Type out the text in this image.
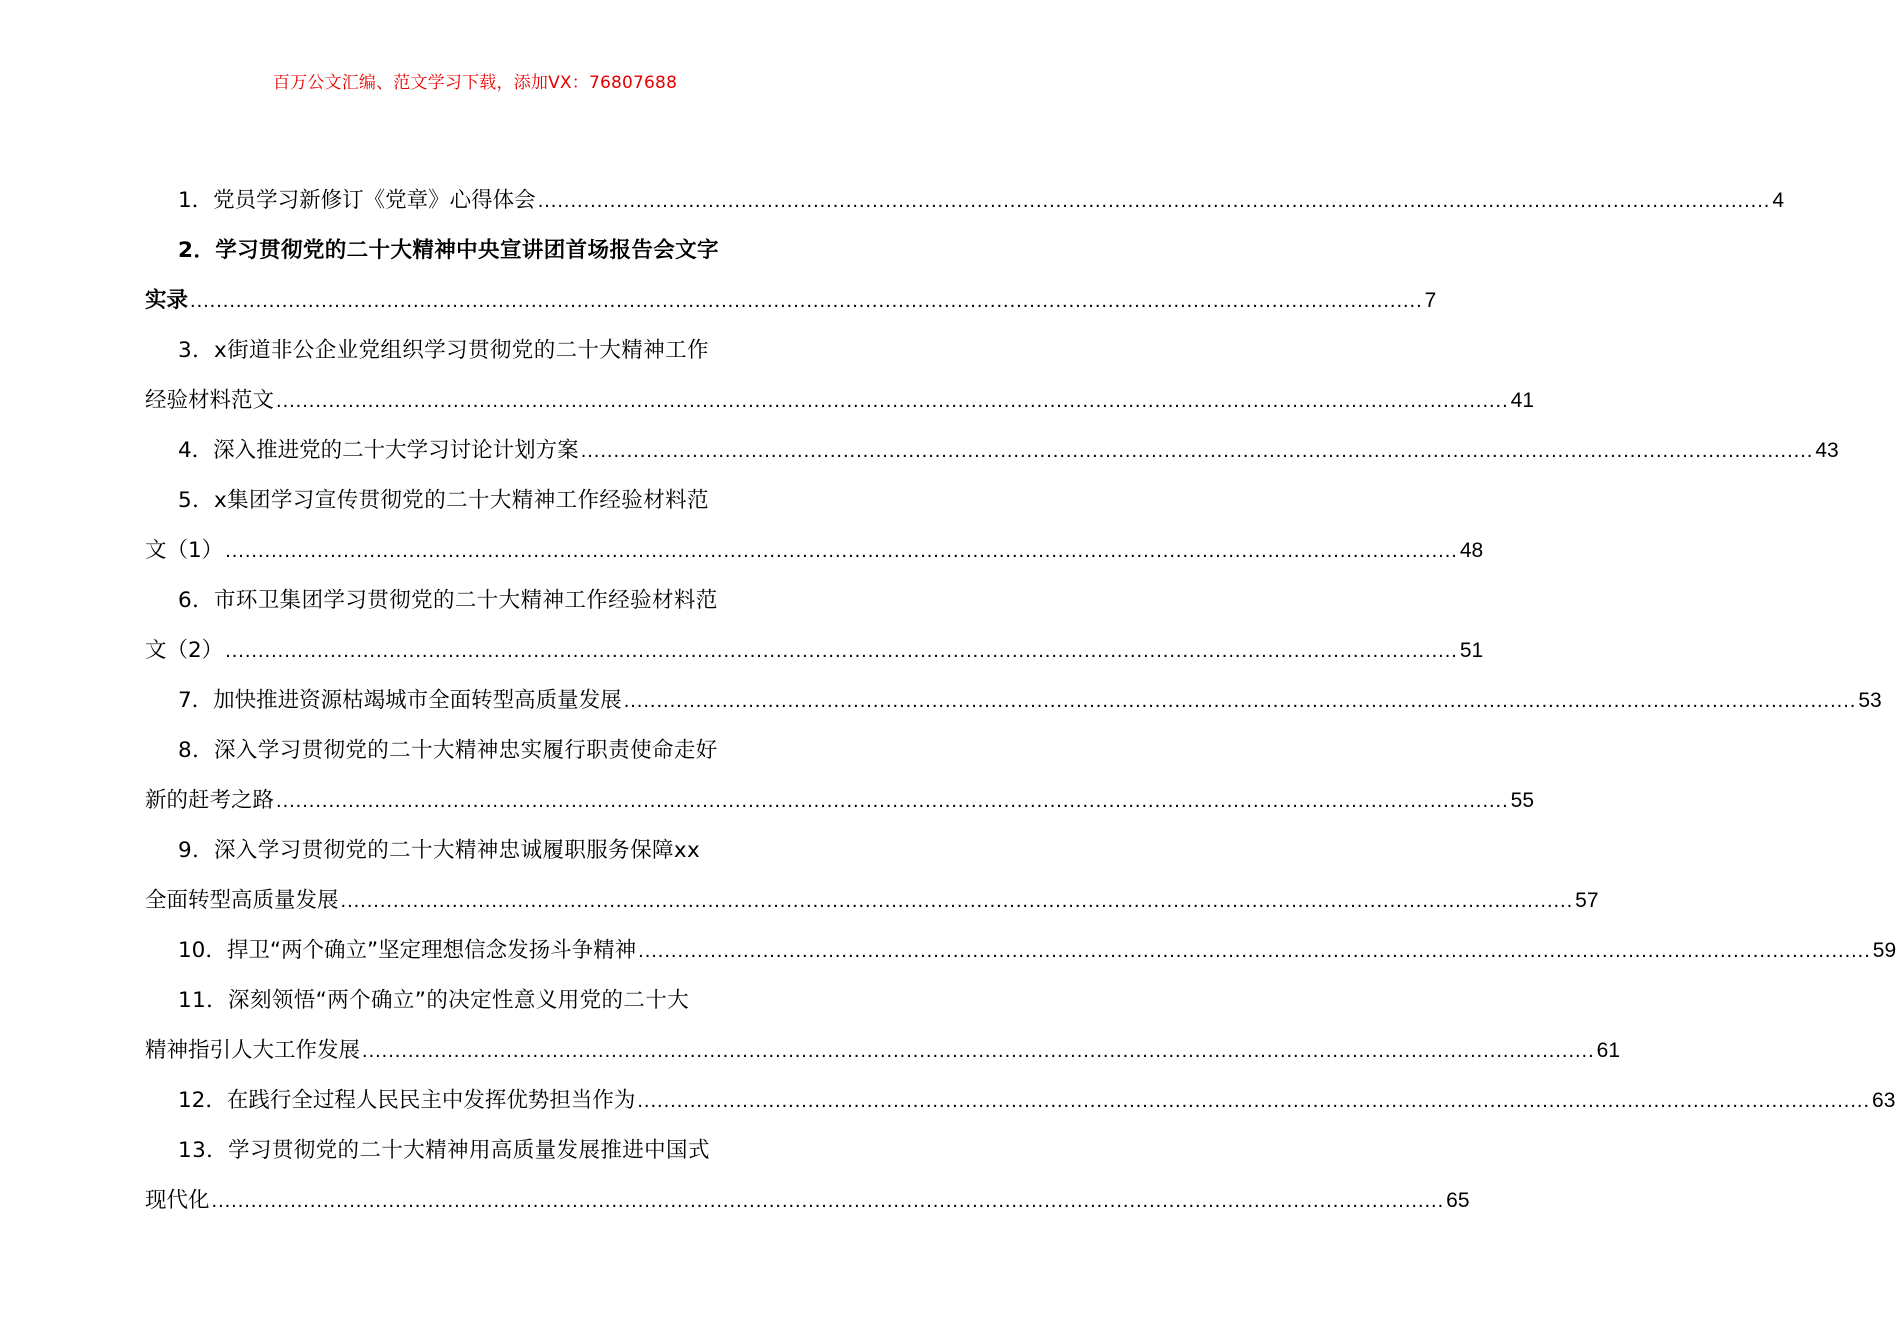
百万公文汇编、范文学习下载，添加VX：76807688
1．党员学习新修订《党章》心得体会 .....	4
2．学习贯彻党的二十大精神中央宣讲团首场报告会文字
实录 .....	7
3．x街道非公企业党组织学习贯彻党的二十大精神工作
经验材料范文 .....	41
4．深入推进党的二十大学习讨论计划方案 .....	43
5．x集团学习宣传贯彻党的二十大精神工作经验材料范
文（1） .....	48
6．市环卫集团学习贯彻党的二十大精神工作经验材料范
文（2） .....	51
7．加快推进资源枯竭城市全面转型高质量发展 .....	53
8．深入学习贯彻党的二十大精神忠实履行职责使命走好
新的赶考之路 .....	55
9．深入学习贯彻党的二十大精神忠诚履职服务保障xx
全面转型高质量发展 .....	57
10．捍卫“两个确立”坚定理想信念发扬斗争精神 .....	59
11．深刻领悟“两个确立”的决定性意义用党的二十大
精神指引人大工作发展 .....	61
12．在践行全过程人民民主中发挥优势担当作为 .....	63
13．学习贯彻党的二十大精神用高质量发展推进中国式
现代化 .....	65
